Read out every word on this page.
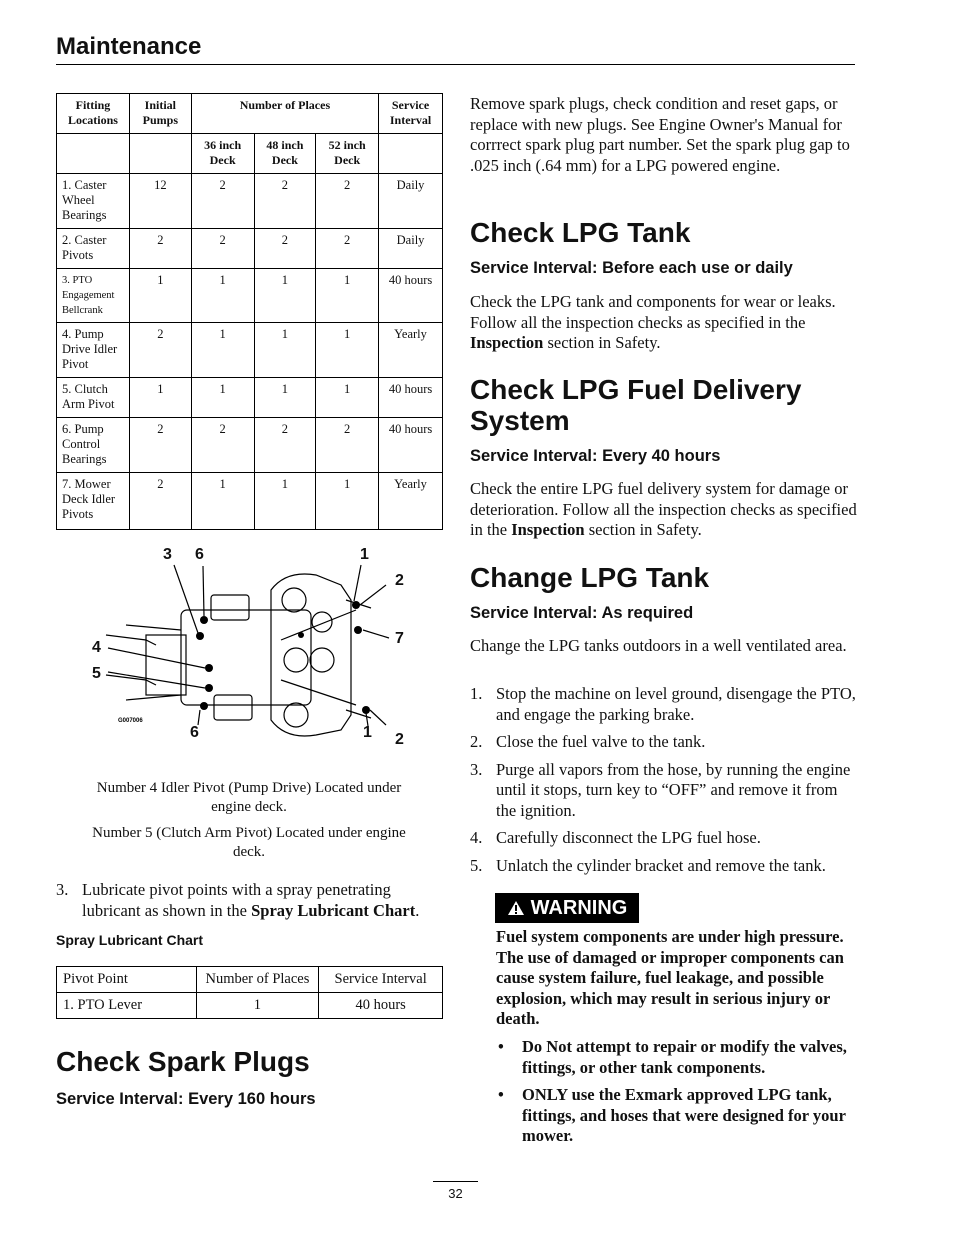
Maintenance
Fitting Locations	Initial Pumps	Number of Places			Service Interval
		36 inch Deck	48 inch Deck	52 inch Deck	
1. Caster Wheel Bearings	12	2	2	2	Daily
2. Caster Pivots	2	2	2	2	Daily
3. PTO Engagement Bellcrank	1	1	1	1	40 hours
4. Pump Drive Idler Pivot	2	1	1	1	Yearly
5. Clutch Arm Pivot	1	1	1	1	40 hours
6. Pump Control Bearings	2	2	2	2	40 hours
7. Mower Deck Idler Pivots	2	1	1	1	Yearly
G007006
3 6	1
2
7
4
5
6	1 2
Number 4 Idler Pivot (Pump Drive) Located under engine deck.
Number 5 (Clutch Arm Pivot) Located under engine deck.
3. Lubricate pivot points with a spray penetrating lubricant as shown in the Spray Lubricant Chart.
Spray Lubricant Chart
Pivot Point	Number of Places	Service Interval
1. PTO Lever	1	40 hours
Check Spark Plugs
Service Interval: Every 160 hours
Remove spark plugs, check condition and reset gaps, or replace with new plugs. See Engine Owner's Manual for corrrect spark plug part number. Set the spark plug gap to .025 inch (.64 mm) for a LPG powered engine.
Check LPG Tank
Service Interval: Before each use or daily
Check the LPG tank and components for wear or leaks. Follow all the inspection checks as specified in the Inspection section in Safety.
Check LPG Fuel Delivery
System
Service Interval: Every 40 hours
Check the entire LPG fuel delivery system for damage or deterioration. Follow all the inspection checks as specified in the Inspection section in Safety.
Change LPG Tank
Service Interval: As required
Change the LPG tanks outdoors in a well ventilated area.
1. Stop the machine on level ground, disengage the PTO, and engage the parking brake.
2. Close the fuel valve to the tank.
3. Purge all vapors from the hose, by running the engine until it stops, turn key to “OFF” and remove it from the ignition.
4. Carefully disconnect the LPG fuel hose.
5. Unlatch the cylinder bracket and remove the tank.
WARNING
Fuel system components are under high pressure. The use of damaged or improper components can cause system failure, fuel leakage, and possible explosion, which may result in serious injury or death.
• Do Not attempt to repair or modify the valves, fittings, or other tank components.
• ONLY use the Exmark approved LPG tank, fittings, and hoses that were designed for your mower.
32
